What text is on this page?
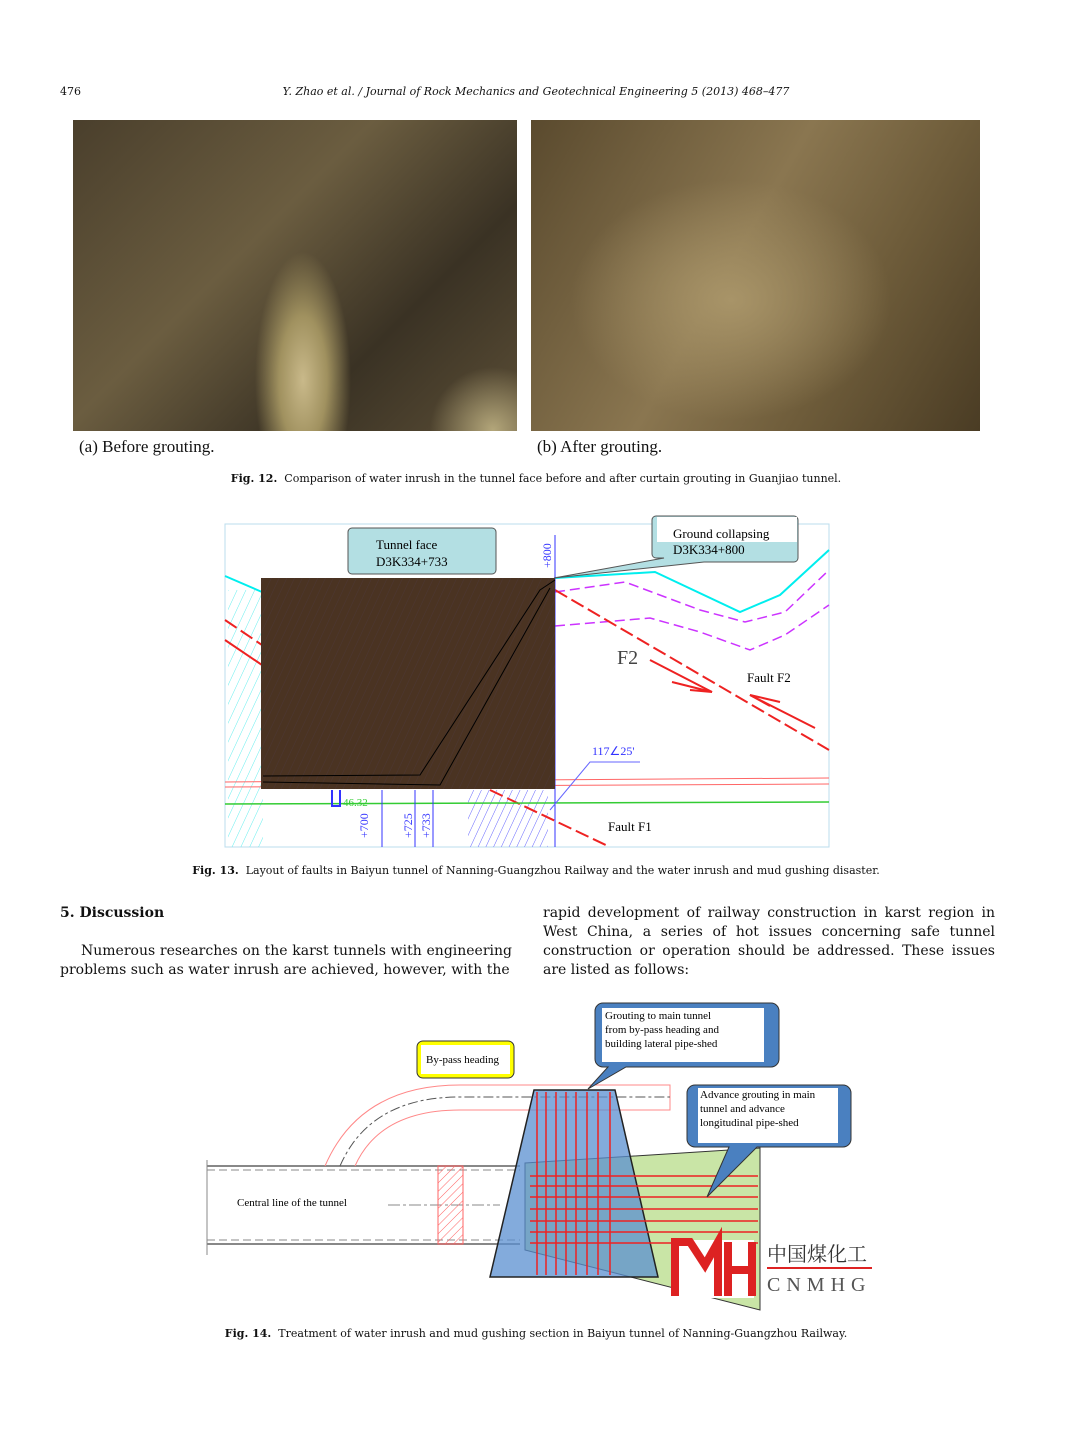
476	Y. Zhao et al. / Journal of Rock Mechanics and Geotechnical Engineering 5 (2013) 468–477
(a) Before grouting.	(b) After grouting.
Fig. 12. Comparison of water inrush in the tunnel face before and after curtain grouting in Guanjiao tunnel.
Tunnel face
D3K334+733
Ground collapsing
D3K334+800
F2
Fault F2
Fault F1
117∠25'
46.32
+700	+725 +733
+800
Fig. 13. Layout of faults in Baiyun tunnel of Nanning-Guangzhou Railway and the water inrush and mud gushing disaster.
5. Discussion
Numerous researches on the karst tunnels with engineering problems such as water inrush are achieved, however, with the
rapid development of railway construction in karst region in West China, a series of hot issues concerning safe tunnel construction or operation should be addressed. These issues are listed as follows:
By-pass heading
Grouting to main tunnel
from by-pass heading and
building lateral pipe-shed
Advance grouting in main
tunnel and advance
longitudinal pipe-shed
Central line of the tunnel
中国煤化工
CNMHG
Fig. 14. Treatment of water inrush and mud gushing section in Baiyun tunnel of Nanning-Guangzhou Railway.
